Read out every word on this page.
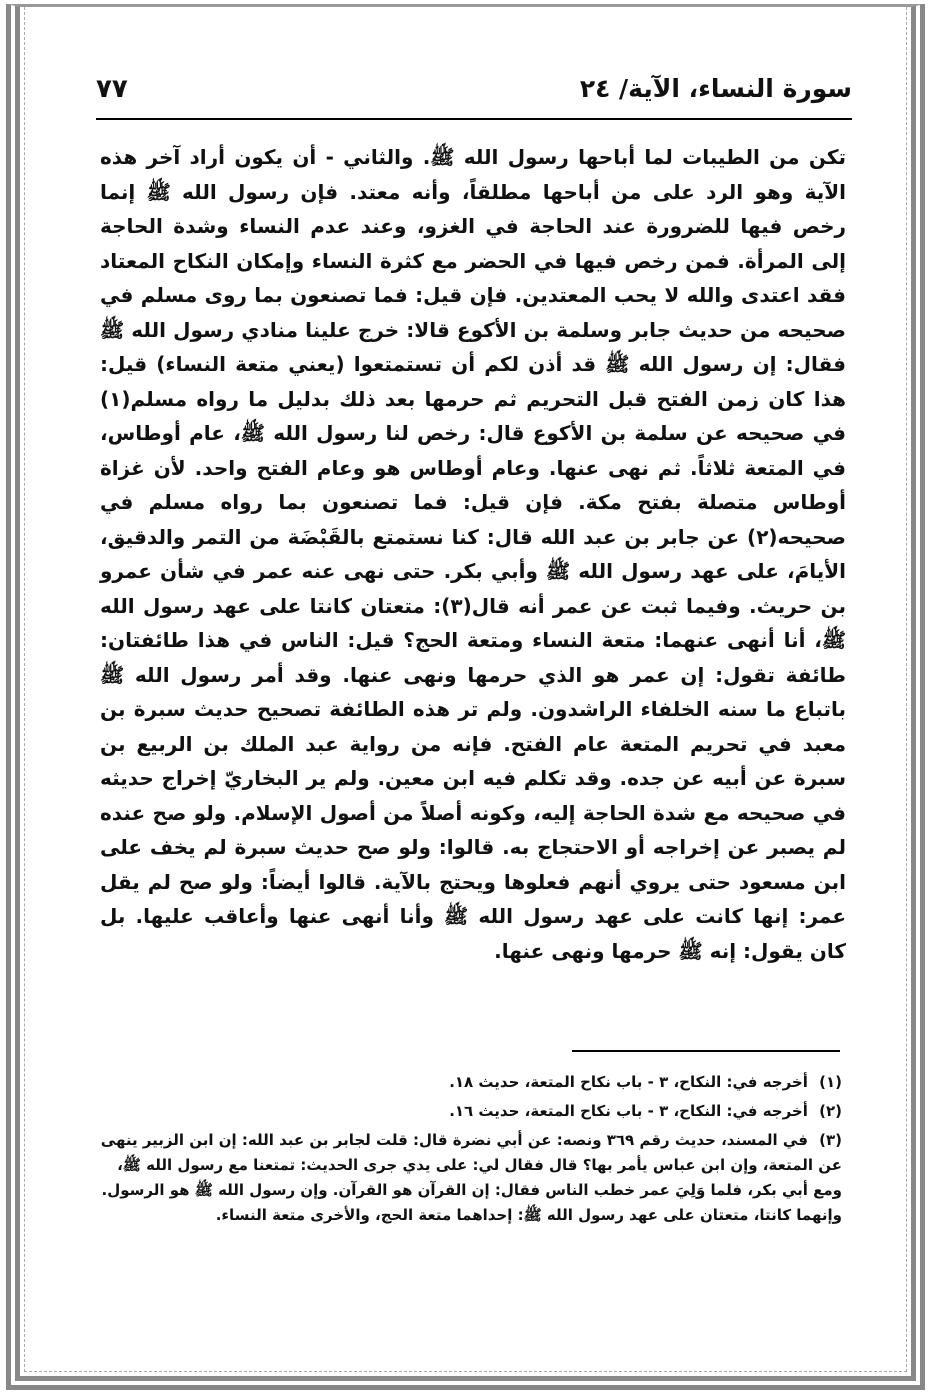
سورة النساء، الآية/ ٢٤
٧٧

تكن من الطيبات لما أباحها رسول الله ﷺ. والثاني - أن يكون أراد آخر هذه الآية وهو الرد على من أباحها مطلقاً، وأنه معتد. فإن رسول الله ﷺ إنما رخص فيها للضرورة عند الحاجة في الغزو، وعند عدم النساء وشدة الحاجة إلى المرأة. فمن رخص فيها في الحضر مع كثرة النساء وإمكان النكاح المعتاد فقد اعتدى والله لا يحب المعتدين. فإن قيل: فما تصنعون بما روى مسلم في صحيحه من حديث جابر وسلمة بن الأكوع قالا: خرج علينا منادي رسول الله ﷺ فقال: إن رسول الله ﷺ قد أذن لكم أن تستمتعوا (يعني متعة النساء) قيل: هذا كان زمن الفتح قبل التحريم ثم حرمها بعد ذلك بدليل ما رواه مسلم(١) في صحيحه عن سلمة بن الأكوع قال: رخص لنا رسول الله ﷺ، عام أوطاس، في المتعة ثلاثاً. ثم نهى عنها. وعام أوطاس هو وعام الفتح واحد. لأن غزاة أوطاس متصلة بفتح مكة. فإن قيل: فما تصنعون بما رواه مسلم في صحيحه(٢) عن جابر بن عبد الله قال: كنا نستمتع بالقَبْضَة من التمر والدقيق، الأيامَ، على عهد رسول الله ﷺ وأبي بكر. حتى نهى عنه عمر في شأن عمرو بن حريث. وفيما ثبت عن عمر أنه قال(٣): متعتان كانتا على عهد رسول الله ﷺ، أنا أنهى عنهما: متعة النساء ومتعة الحج؟ قيل: الناس في هذا طائفتان: طائفة تقول: إن عمر هو الذي حرمها ونهى عنها. وقد أمر رسول الله ﷺ باتباع ما سنه الخلفاء الراشدون. ولم تر هذه الطائفة تصحيح حديث سبرة بن معبد في تحريم المتعة عام الفتح. فإنه من رواية عبد الملك بن الربيع بن سبرة عن أبيه عن جده. وقد تكلم فيه ابن معين. ولم ير البخاريّ إخراج حديثه في صحيحه مع شدة الحاجة إليه، وكونه أصلاً من أصول الإسلام. ولو صح عنده لم يصبر عن إخراجه أو الاحتجاج به. قالوا: ولو صح حديث سبرة لم يخف على ابن مسعود حتى يروي أنهم فعلوها ويحتج بالآية. قالوا أيضاً: ولو صح لم يقل عمر: إنها كانت على عهد رسول الله ﷺ وأنا أنهى عنها وأعاقب عليها. بل كان يقول: إنه ﷺ حرمها ونهى عنها.

(١) أخرجه في: النكاح، ٣ - باب نكاح المتعة، حديث ١٨.

(٢) أخرجه في: النكاح، ٣ - باب نكاح المتعة، حديث ١٦.

(٣) في المسند، حديث رقم ٣٦٩ ونصه: عن أبي نضرة قال: قلت لجابر بن عبد الله: إن ابن الزبير ينهى عن المتعة، وإن ابن عباس يأمر بها؟ قال فقال لي: على يدي جرى الحديث: تمتعنا مع رسول الله ﷺ، ومع أبي بكر، فلما وَلِيَ عمر خطب الناس فقال: إن القرآن هو القرآن. وإن رسول الله ﷺ هو الرسول. وإنهما كانتا، متعتان على عهد رسول الله ﷺ: إحداهما متعة الحج، والأخرى متعة النساء.
